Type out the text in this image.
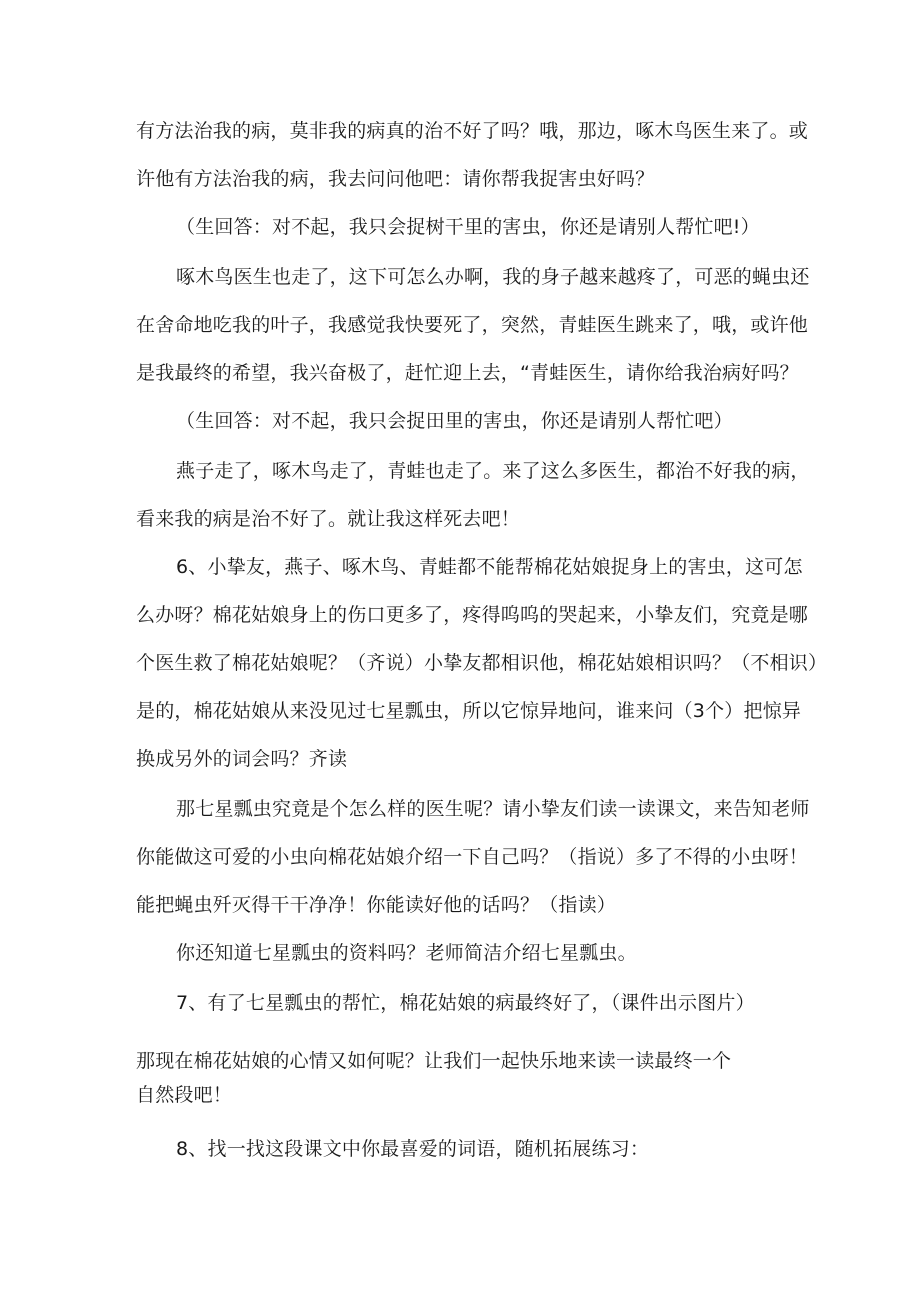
有方法治我的病，莫非我的病真的治不好了吗？哦，那边，啄木鸟医生来了。或
许他有方法治我的病，我去问问他吧：请你帮我捉害虫好吗？
（生回答：对不起，我只会捉树干里的害虫，你还是请别人帮忙吧!）
啄木鸟医生也走了，这下可怎么办啊，我的身子越来越疼了，可恶的蝇虫还
在舍命地吃我的叶子，我感觉我快要死了，突然，青蛙医生跳来了，哦，或许他
是我最终的希望，我兴奋极了，赶忙迎上去，“青蛙医生，请你给我治病好吗？
（生回答：对不起，我只会捉田里的害虫，你还是请别人帮忙吧）
燕子走了，啄木鸟走了，青蛙也走了。来了这么多医生，都治不好我的病，
看来我的病是治不好了。就让我这样死去吧！
6、小挚友，燕子、啄木鸟、青蛙都不能帮棉花姑娘捉身上的害虫，这可怎
么办呀？棉花姑娘身上的伤口更多了，疼得呜呜的哭起来，小挚友们，究竟是哪
个医生救了棉花姑娘呢？（齐说）小挚友都相识他，棉花姑娘相识吗？（不相识）
是的，棉花姑娘从来没见过七星瓢虫，所以它惊异地问，谁来问（3个）把惊异
换成另外的词会吗？齐读
那七星瓢虫究竟是个怎么样的医生呢？请小挚友们读一读课文，来告知老师
你能做这可爱的小虫向棉花姑娘介绍一下自己吗？（指说）多了不得的小虫呀！
能把蝇虫歼灭得干干净净！你能读好他的话吗？（指读）
你还知道七星瓢虫的资料吗？老师简洁介绍七星瓢虫。
7、有了七星瓢虫的帮忙，棉花姑娘的病最终好了，（课件出示图片）
那现在棉花姑娘的心情又如何呢？让我们一起快乐地来读一读最终一个
自然段吧！
8、找一找这段课文中你最喜爱的词语，随机拓展练习：
